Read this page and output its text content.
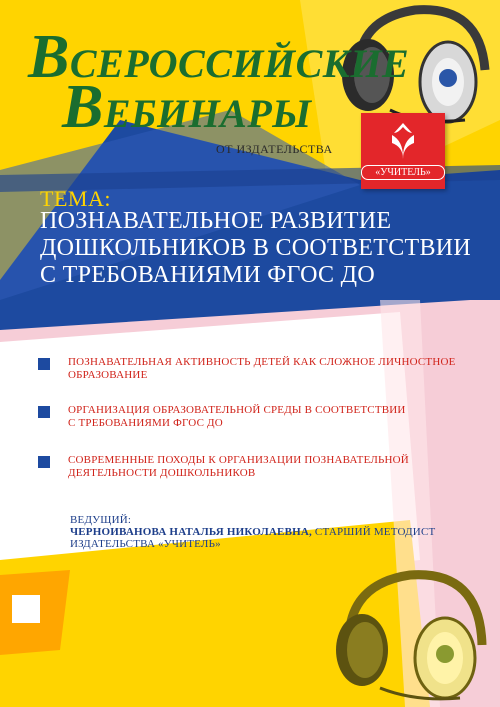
ВСЕРОССИЙСКИЕ
ВЕБИНАРЫ
ОТ ИЗДАТЕЛЬСТВА
«УЧИТЕЛЬ»
ТЕМА:
ПОЗНАВАТЕЛЬНОЕ РАЗВИТИЕ
ДОШКОЛЬНИКОВ В СООТВЕТСТВИИ
С ТРЕБОВАНИЯМИ ФГОС ДО
ПОЗНАВАТЕЛЬНАЯ АКТИВНОСТЬ ДЕТЕЙ КАК СЛОЖНОЕ ЛИЧНОСТНОЕ
ОБРАЗОВАНИЕ
ОРГАНИЗАЦИЯ ОБРАЗОВАТЕЛЬНОЙ СРЕДЫ В СООТВЕТСТВИИ
С ТРЕБОВАНИЯМИ ФГОС ДО
СОВРЕМЕННЫЕ ПОХОДЫ К ОРГАНИЗАЦИИ ПОЗНАВАТЕЛЬНОЙ
ДЕЯТЕЛЬНОСТИ ДОШКОЛЬНИКОВ
ВЕДУЩИЙ:
ЧЕРНОИВАНОВА НАТАЛЬЯ НИКОЛАЕВНА, СТАРШИЙ МЕТОДИСТ
ИЗДАТЕЛЬСТВА «УЧИТЕЛЬ»
